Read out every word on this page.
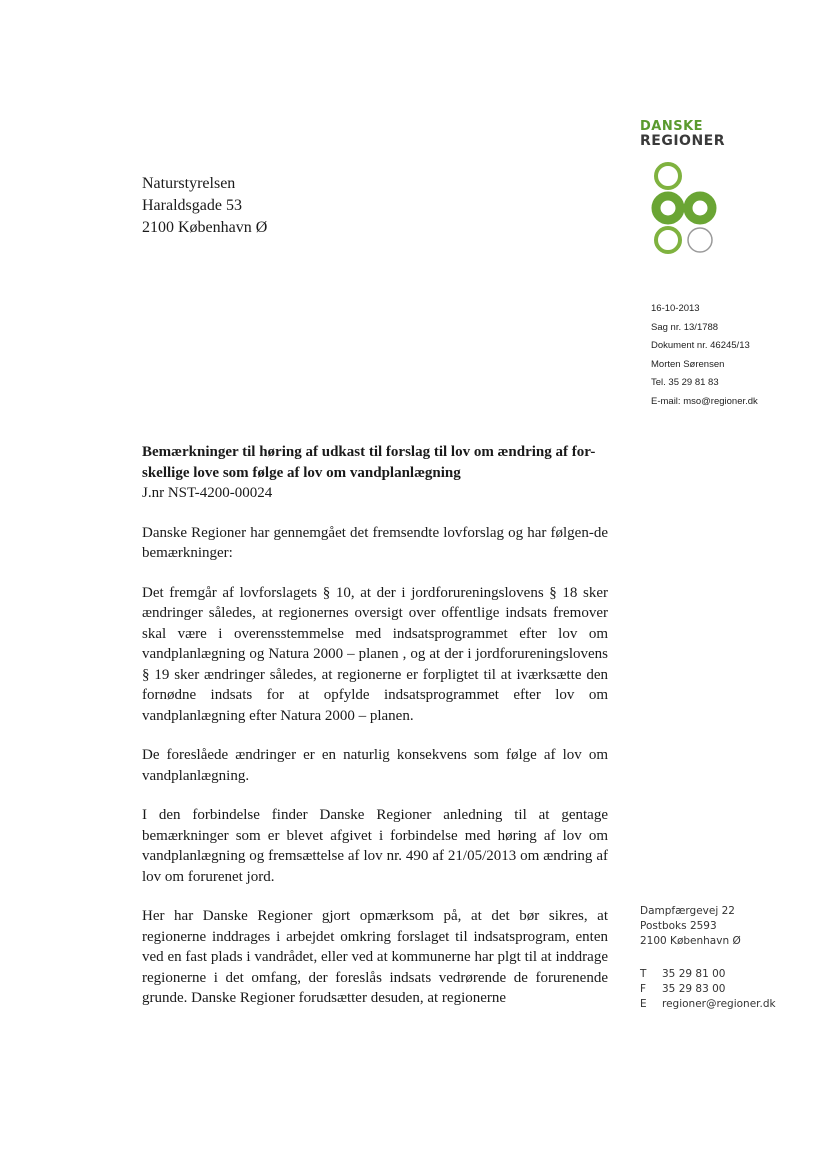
Naturstyrelsen
Haraldsgade 53
2100 København Ø
DANSKE
REGIONER
16-10-2013
Sag nr. 13/1788
Dokument nr. 46245/13
Morten Sørensen
Tel. 35 29 81 83
E-mail: mso@regioner.dk
Bemærkninger til høring af udkast til forslag til lov om ændring af for-skellige love som følge af lov om vandplanlægning
J.nr NST-4200-00024

Danske Regioner har gennemgået det fremsendte lovforslag og har følgen-de bemærkninger:

Det fremgår af lovforslagets § 10, at der i jordforureningslovens § 18 sker ændringer således, at regionernes oversigt over offentlige indsats fremover skal være i overensstemmelse med indsatsprogrammet efter lov om vandplanlægning og Natura 2000 – planen , og at der i jordforureningslovens § 19 sker ændringer således, at regionerne er forpligtet til at iværksætte den fornødne indsats for at opfylde indsatsprogrammet efter lov om vandplanlægning efter Natura 2000 – planen.

De foreslåede ændringer er en naturlig konsekvens som følge af lov om vandplanlægning.

I den forbindelse finder Danske Regioner anledning til at gentage bemærkninger som er blevet afgivet i forbindelse med høring af lov om vandplanlægning og fremsættelse af lov nr. 490 af 21/05/2013 om ændring af lov om forurenet jord.

Her har Danske Regioner gjort opmærksom på, at det bør sikres, at regionerne inddrages i arbejdet omkring forslaget til indsatsprogram, enten ved en fast plads i vandrådet, eller ved at kommunerne har plgt til at inddrage regionerne i det omfang, der foreslås indsats vedrørende de forurenende grunde. Danske Regioner forudsætter desuden, at regionerne

Dampfærgevej 22
Postboks 2593
2100 København Ø
T 35 29 81 00
F 35 29 83 00
E regioner@regioner.dk
